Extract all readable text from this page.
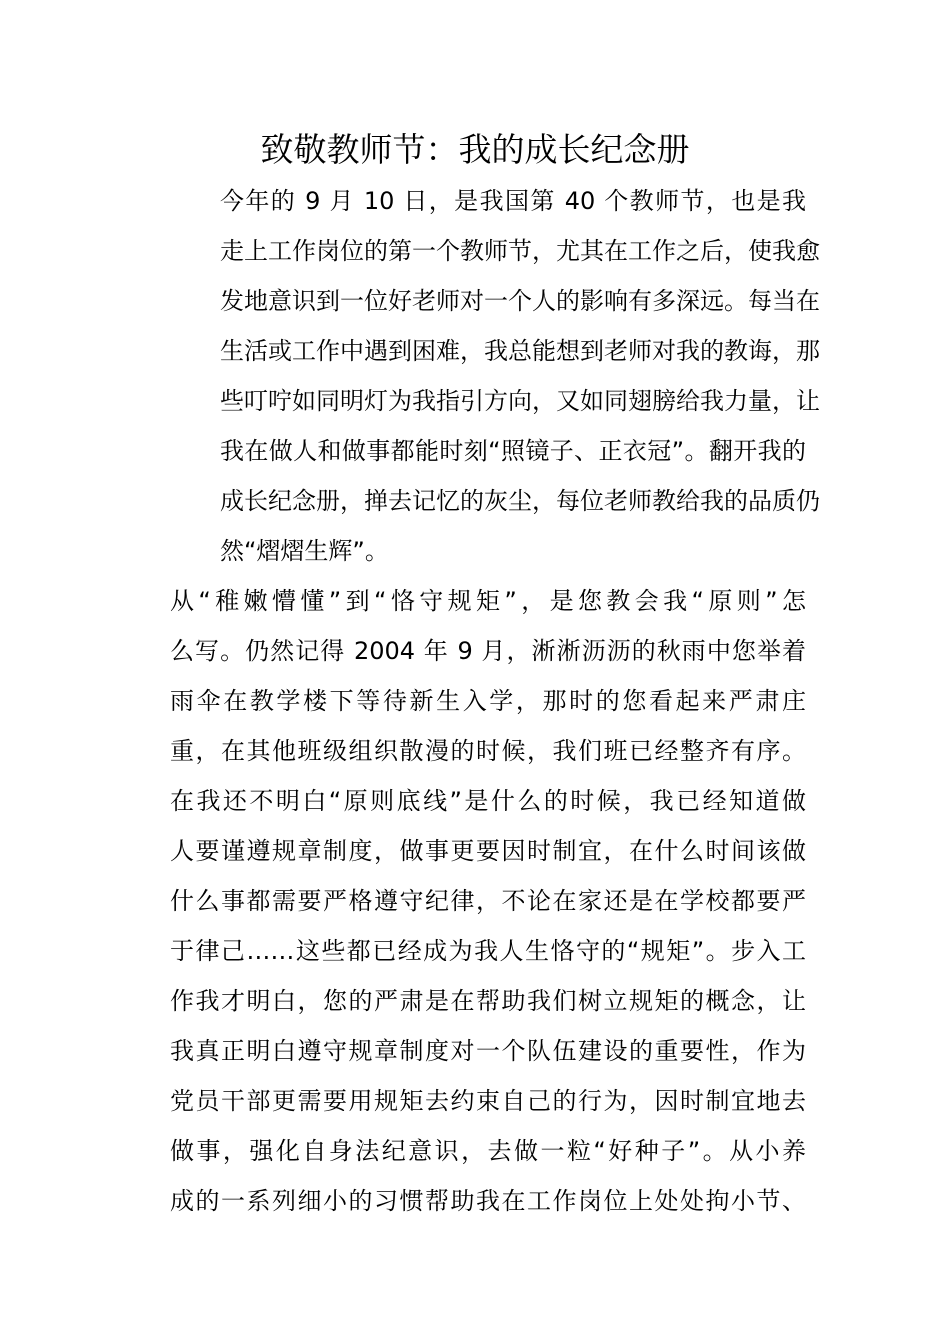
致敬教师节：我的成长纪念册

今年的 9 月 10 日，是我国第 40 个教师节，也是我
走上工作岗位的第一个教师节，尤其在工作之后，使我愈
发地意识到一位好老师对一个人的影响有多深远。每当在
生活或工作中遇到困难，我总能想到老师对我的教诲，那
些叮咛如同明灯为我指引方向，又如同翅膀给我力量，让
我在做人和做事都能时刻“照镜子、正衣冠”。翻开我的
成长纪念册，掸去记忆的灰尘，每位老师教给我的品质仍
然“熠熠生辉”。

从“稚嫩懵懂”到“恪守规矩”，是您教会我“原则”怎
么写。仍然记得 2004 年 9 月，淅淅沥沥的秋雨中您举着
雨伞在教学楼下等待新生入学，那时的您看起来严肃庄
重，在其他班级组织散漫的时候，我们班已经整齐有序。
在我还不明白“原则底线”是什么的时候，我已经知道做
人要谨遵规章制度，做事更要因时制宜，在什么时间该做
什么事都需要严格遵守纪律，不论在家还是在学校都要严
于律己……这些都已经成为我人生恪守的“规矩”。步入工
作我才明白，您的严肃是在帮助我们树立规矩的概念，让
我真正明白遵守规章制度对一个队伍建设的重要性，作为
党员干部更需要用规矩去约束自己的行为，因时制宜地去
做事，强化自身法纪意识，去做一粒“好种子”。从小养
成的一系列细小的习惯帮助我在工作岗位上处处拘小节、
